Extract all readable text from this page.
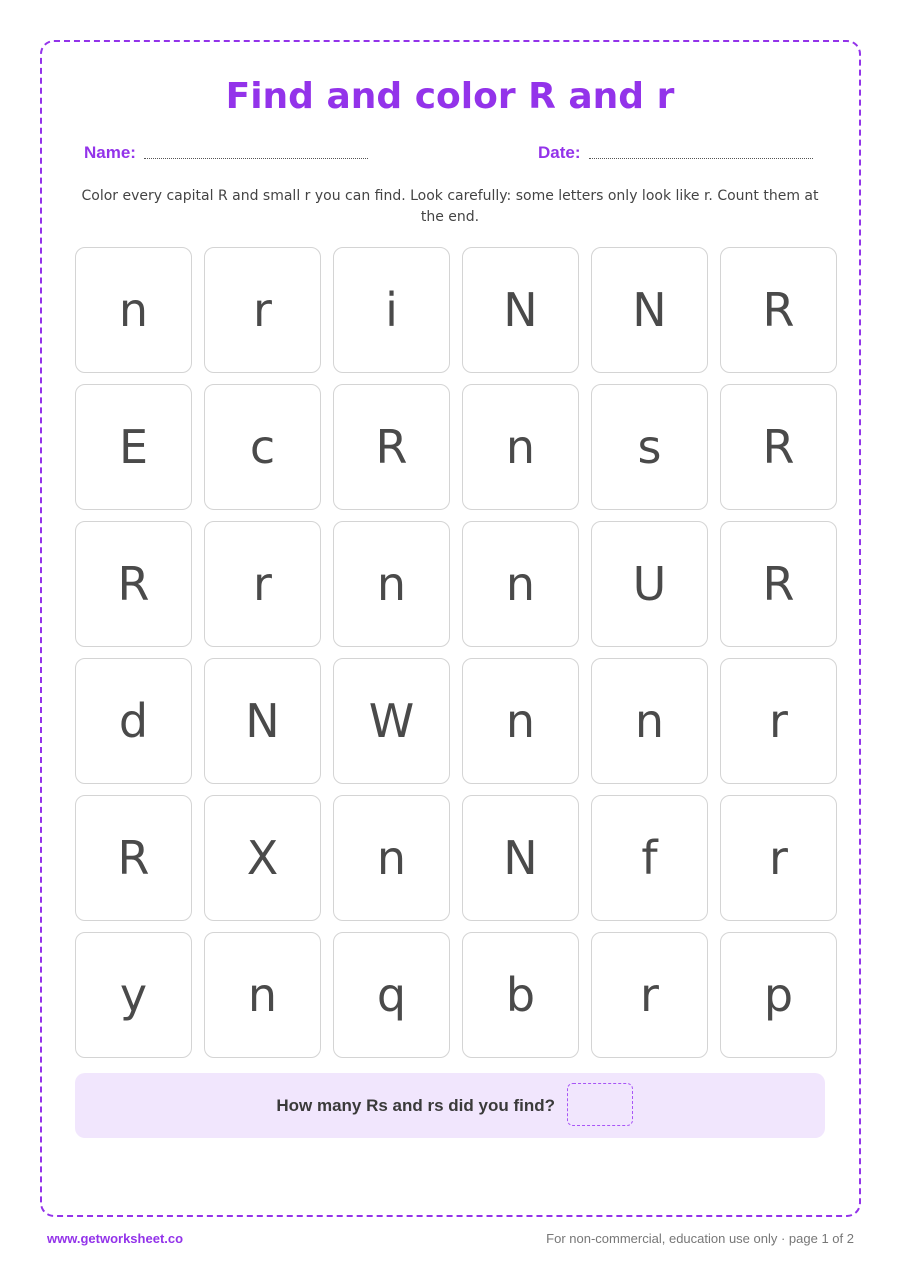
Find and color R and r
Name:	Date:
Color every capital R and small r you can find. Look carefully: some letters only look like r. Count them at the end.
n	r	i	N	N	R
E	c	R	n	s	R
R	r	n	n	U	R
d	N	W	n	n	r
R	X	n	N	f	r
y	n	q	b	r	p
How many Rs and rs did you find?
www.getworksheet.co	For non-commercial, education use only · page 1 of 2
